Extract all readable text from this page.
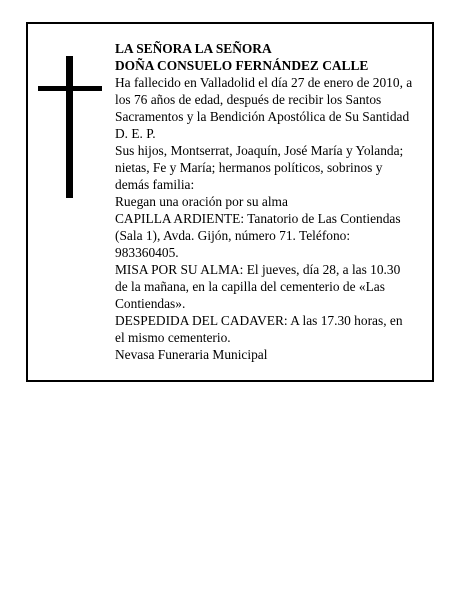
LA SEÑORA LA SEÑORA
DOÑA CONSUELO FERNÁNDEZ CALLE
Ha fallecido en Valladolid el día 27 de enero de 2010, a
los 76 años de edad, después de recibir los Santos
Sacramentos y la Bendición Apostólica de Su Santidad
D. E. P.
Sus hijos, Montserrat, Joaquín, José María y Yolanda;
nietas, Fe y María; hermanos políticos, sobrinos y
demás familia:
Ruegan una oración por su alma
CAPILLA ARDIENTE: Tanatorio de Las Contiendas
(Sala 1), Avda. Gijón, número 71. Teléfono:
983360405.
MISA POR SU ALMA: El jueves, día 28, a las 10.30
de la mañana, en la capilla del cementerio de «Las
Contiendas».
DESPEDIDA DEL CADAVER: A las 17.30 horas, en
el mismo cementerio.
Nevasa Funeraria Municipal
